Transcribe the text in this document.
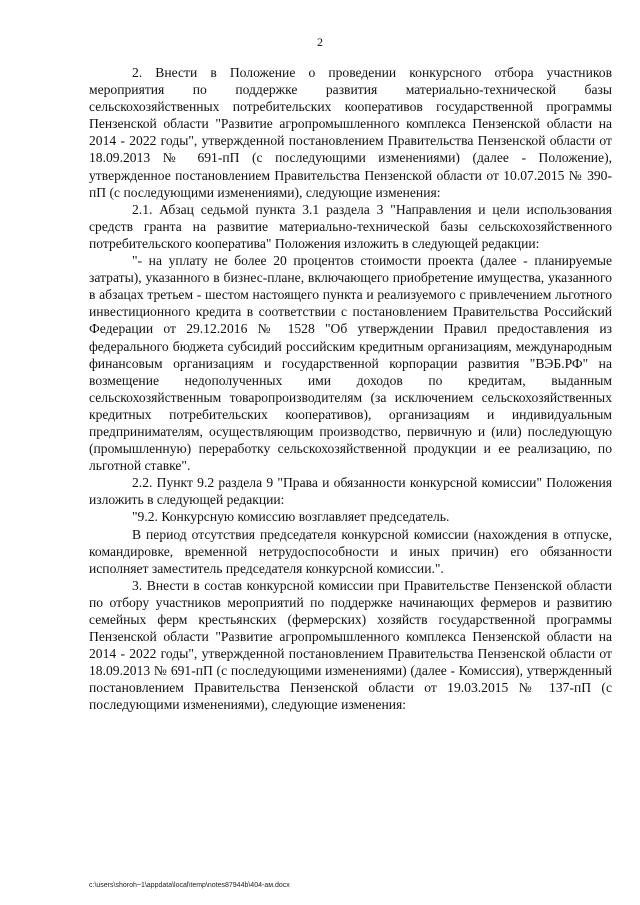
2

2. Внести в Положение о проведении конкурсного отбора участников мероприятия по поддержке развития материально-технической базы сельскохозяйственных потребительских кооперативов государственной программы Пензенской области "Развитие агропромышленного комплекса Пензенской области на 2014 - 2022 годы", утвержденной постановлением Правительства Пензенской области от 18.09.2013 № 691-пП (с последующими изменениями) (далее - Положение), утвержденное постановлением Правительства Пензенской области от 10.07.2015 № 390-пП (с последующими изменениями), следующие изменения:

2.1. Абзац седьмой пункта 3.1 раздела 3 "Направления и цели использования средств гранта на развитие материально-технической базы сельскохозяйственного потребительского кооператива" Положения изложить в следующей редакции:

"- на уплату не более 20 процентов стоимости проекта (далее - планируемые затраты), указанного в бизнес-плане, включающего приобретение имущества, указанного в абзацах третьем - шестом настоящего пункта и реализуемого с привлечением льготного инвестиционного кредита в соответствии с постановлением Правительства Российский Федерации от 29.12.2016 № 1528 "Об утверждении Правил предоставления из федерального бюджета субсидий российским кредитным организациям, международным финансовым организациям и государственной корпорации развития "ВЭБ.РФ" на возмещение недополученных ими доходов по кредитам, выданным сельскохозяйственным товаропроизводителям (за исключением сельскохозяйственных кредитных потребительских кооперативов), организациям и индивидуальным предпринимателям, осуществляющим производство, первичную и (или) последующую (промышленную) переработку сельскохозяйственной продукции и ее реализацию, по льготной ставке".

2.2. Пункт 9.2 раздела 9 "Права и обязанности конкурсной комиссии" Положения изложить в следующей редакции:

"9.2. Конкурсную комиссию возглавляет председатель.

В период отсутствия председателя конкурсной комиссии (нахождения в отпуске, командировке, временной нетрудоспособности и иных причин) его обязанности исполняет заместитель председателя конкурсной комиссии.".

3. Внести в состав конкурсной комиссии при Правительстве Пензенской области по отбору участников мероприятий по поддержке начинающих фермеров и развитию семейных ферм крестьянских (фермерских) хозяйств государственной программы Пензенской области "Развитие агропромышленного комплекса Пензенской области на 2014 - 2022 годы", утвержденной постановлением Правительства Пензенской области от 18.09.2013 № 691-пП (с последующими изменениями) (далее - Комиссия), утвержденный постановлением Правительства Пензенской области от 19.03.2015 № 137-пП (с последующими изменениями), следующие изменения:

c:\users\shoroh~1\appdata\local\temp\notes87944b\404-ам.docx
